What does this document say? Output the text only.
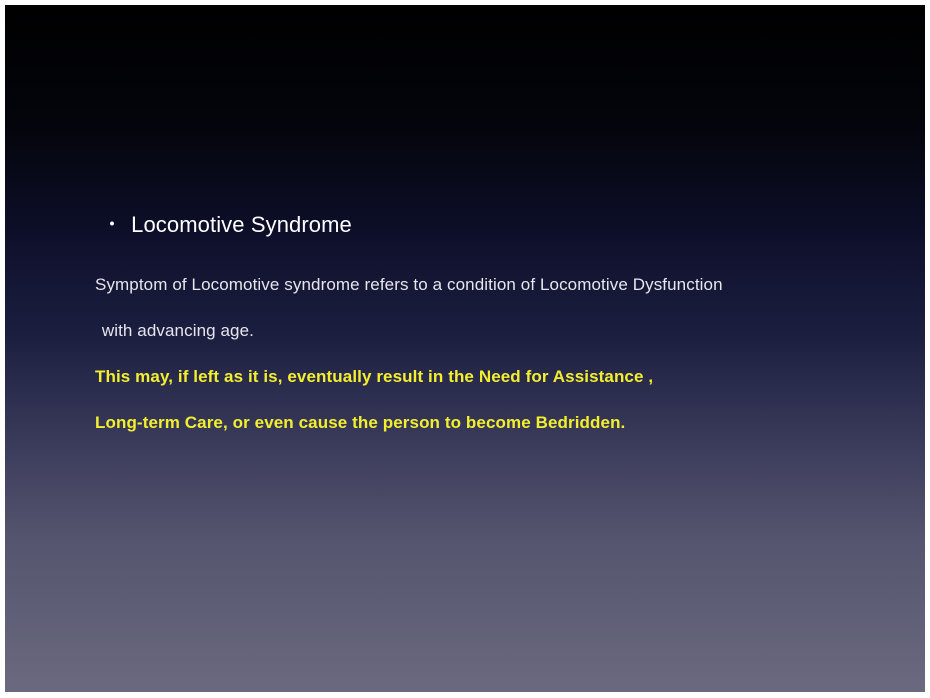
・ Locomotive Syndrome
Symptom of Locomotive syndrome refers to a condition of Locomotive Dysfunction
with advancing age.
This may, if left as it is, eventually result in the Need for Assistance ,
Long-term Care, or even cause the person to become Bedridden.
